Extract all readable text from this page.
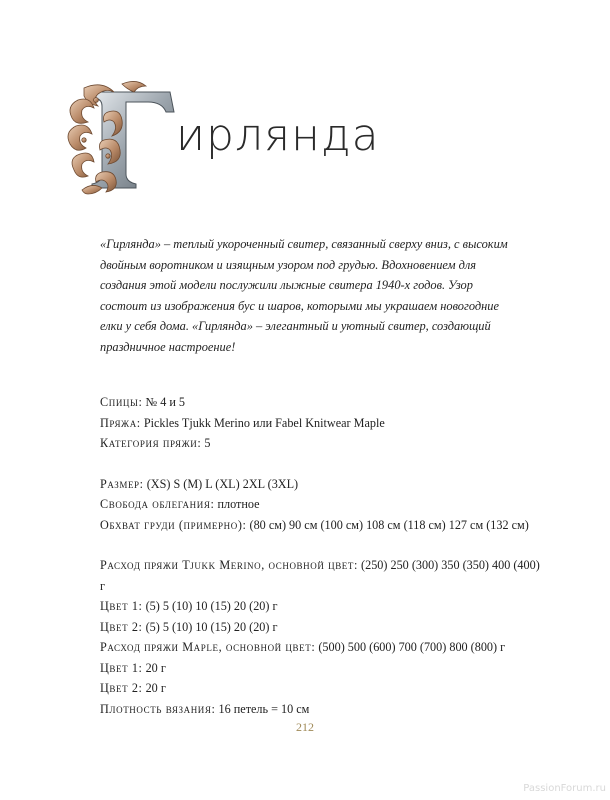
ирлянда

«Гирлянда» – теплый укороченный свитер, связанный сверху вниз, с высоким двойным воротником и изящным узором под грудью. Вдохновением для создания этой модели послужили лыжные свитера 1940-х годов. Узор состоит из изображения бус и шаров, которыми мы украшаем новогодние елки у себя дома. «Гирлянда» – элегантный и уютный свитер, создающий праздничное настроение!

Спицы: № 4 и 5
Пряжа: Pickles Tjukk Merino или Fabel Knitwear Maple
Категория пряжи: 5
Размер: (XS) S (M) L (XL) 2XL (3XL)
Свобода облегания: плотное
Обхват груди (примерно): (80 см) 90 см (100 см) 108 см (118 см) 127 см (132 см)
Расход пряжи Tjukk Merino, основной цвет: (250) 250 (300) 350 (350) 400 (400) г
Цвет 1: (5) 5 (10) 10 (15) 20 (20) г
Цвет 2: (5) 5 (10) 10 (15) 20 (20) г
Расход пряжи Maple, основной цвет: (500) 500 (600) 700 (700) 800 (800) г
Цвет 1: 20 г
Цвет 2: 20 г
Плотность вязания: 16 петель = 10 см
212
PassionForum.ru
